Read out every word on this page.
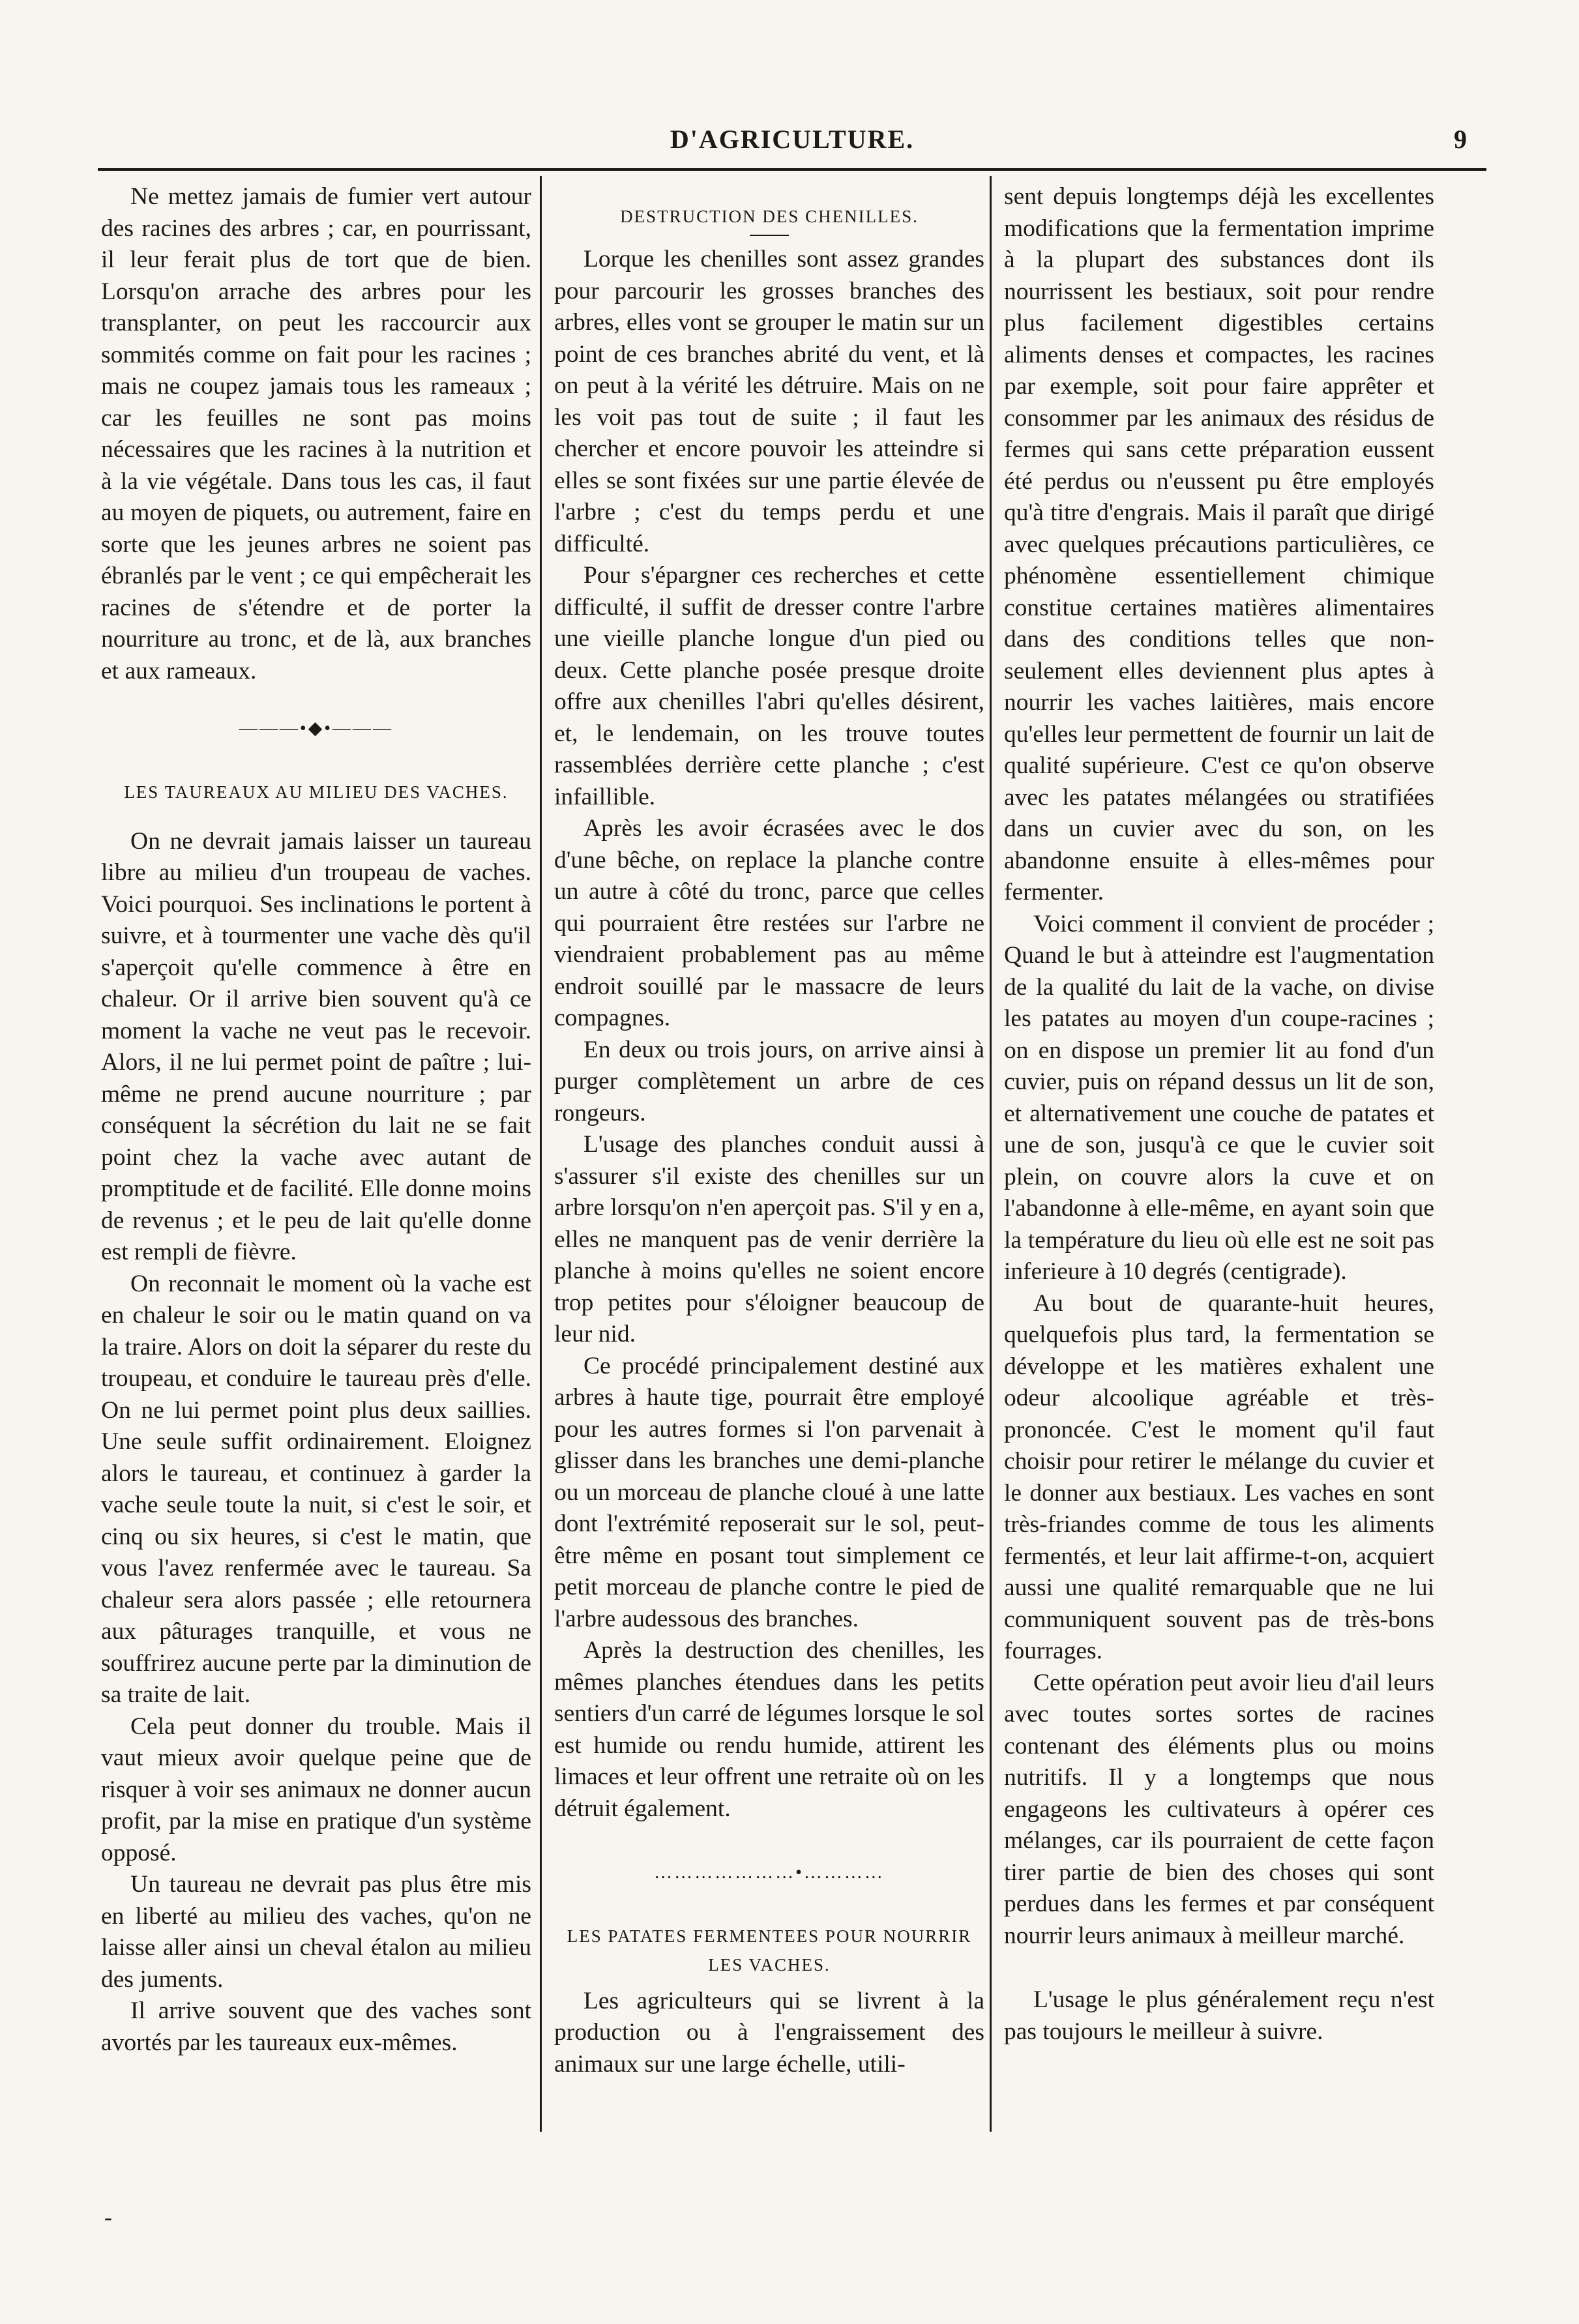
D'AGRICULTURE.	9

Ne mettez jamais de fumier vert autour des racines des arbres ; car, en pourrissant, il leur ferait plus de tort que de bien. Lorsqu'on arrache des arbres pour les transplanter, on peut les raccourcir aux sommités comme on fait pour les racines ; mais ne coupez jamais tous les rameaux ; car les feuilles ne sont pas moins nécessaires que les racines à la nutrition et à la vie végétale. Dans tous les cas, il faut au moyen de piquets, ou autrement, faire en sorte que les jeunes arbres ne soient pas ébranlés par le vent ; ce qui empêcherait les racines de s'étendre et de porter la nourriture au tronc, et de là, aux branches et aux rameaux.

———•◆•———
LES TAUREAUX AU MILIEU DES VACHES.

On ne devrait jamais laisser un taureau libre au milieu d'un troupeau de vaches. Voici pourquoi. Ses inclinations le portent à suivre, et à tourmenter une vache dès qu'il s'aperçoit qu'elle commence à être en chaleur. Or il arrive bien souvent qu'à ce moment la vache ne veut pas le recevoir. Alors, il ne lui permet point de paître ; lui-même ne prend aucune nourriture ; par conséquent la sécrétion du lait ne se fait point chez la vache avec autant de promptitude et de facilité. Elle donne moins de revenus ; et le peu de lait qu'elle donne est rempli de fièvre.

On reconnait le moment où la vache est en chaleur le soir ou le matin quand on va la traire. Alors on doit la séparer du reste du troupeau, et conduire le taureau près d'elle. On ne lui permet point plus deux saillies. Une seule suffit ordinairement. Eloignez alors le taureau, et continuez à garder la vache seule toute la nuit, si c'est le soir, et cinq ou six heures, si c'est le matin, que vous l'avez renfermée avec le taureau. Sa chaleur sera alors passée ; elle retournera aux pâturages tranquille, et vous ne souffrirez aucune perte par la diminution de sa traite de lait.

Cela peut donner du trouble. Mais il vaut mieux avoir quelque peine que de risquer à voir ses animaux ne donner aucun profit, par la mise en pratique d'un système opposé.

Un taureau ne devrait pas plus être mis en liberté au milieu des vaches, qu'on ne laisse aller ainsi un cheval étalon au milieu des juments.

Il arrive souvent que des vaches sont avortés par les taureaux eux-mêmes.

DESTRUCTION DES CHENILLES.

Lorque les chenilles sont assez grandes pour parcourir les grosses branches des arbres, elles vont se grouper le matin sur un point de ces branches abrité du vent, et là on peut à la vérité les détruire. Mais on ne les voit pas tout de suite ; il faut les chercher et encore pouvoir les atteindre si elles se sont fixées sur une partie élevée de l'arbre ; c'est du temps perdu et une difficulté.

Pour s'épargner ces recherches et cette difficulté, il suffit de dresser contre l'arbre une vieille planche longue d'un pied ou deux. Cette planche posée presque droite offre aux chenilles l'abri qu'elles désirent, et, le lendemain, on les trouve toutes rassemblées derrière cette planche ; c'est infaillible.

Après les avoir écrasées avec le dos d'une bêche, on replace la planche contre un autre à côté du tronc, parce que celles qui pourraient être restées sur l'arbre ne viendraient probablement pas au même endroit souillé par le massacre de leurs compagnes.

En deux ou trois jours, on arrive ainsi à purger complètement un arbre de ces rongeurs.

L'usage des planches conduit aussi à s'assurer s'il existe des chenilles sur un arbre lorsqu'on n'en aperçoit pas. S'il y en a, elles ne manquent pas de venir derrière la planche à moins qu'elles ne soient encore trop petites pour s'éloigner beaucoup de leur nid.

Ce procédé principalement destiné aux arbres à haute tige, pourrait être employé pour les autres formes si l'on parvenait à glisser dans les branches une demi-planche ou un morceau de planche cloué à une latte dont l'extrémité reposerait sur le sol, peut-être même en posant tout simplement ce petit morceau de planche contre le pied de l'arbre audessous des branches.

Après la destruction des chenilles, les mêmes planches étendues dans les petits sentiers d'un carré de légumes lorsque le sol est humide ou rendu humide, attirent les limaces et leur offrent une retraite où on les détruit également.

…………………•…………
LES PATATES FERMENTEES POUR NOURRIR LES VACHES.

Les agriculteurs qui se livrent à la production ou à l'engraissement des animaux sur une large échelle, utili-

sent depuis longtemps déjà les excellentes modifications que la fermentation imprime à la plupart des substances dont ils nourrissent les bestiaux, soit pour rendre plus facilement digestibles certains aliments denses et compactes, les racines par exemple, soit pour faire apprêter et consommer par les animaux des résidus de fermes qui sans cette préparation eussent été perdus ou n'eussent pu être employés qu'à titre d'engrais. Mais il paraît que dirigé avec quelques précautions particulières, ce phénomène essentiellement chimique constitue certaines matières alimentaires dans des conditions telles que non-seulement elles deviennent plus aptes à nourrir les vaches laitières, mais encore qu'elles leur permettent de fournir un lait de qualité supérieure. C'est ce qu'on observe avec les patates mélangées ou stratifiées dans un cuvier avec du son, on les abandonne ensuite à elles-mêmes pour fermenter.

Voici comment il convient de procéder ; Quand le but à atteindre est l'augmentation de la qualité du lait de la vache, on divise les patates au moyen d'un coupe-racines ; on en dispose un premier lit au fond d'un cuvier, puis on répand dessus un lit de son, et alternativement une couche de patates et une de son, jusqu'à ce que le cuvier soit plein, on couvre alors la cuve et on l'abandonne à elle-même, en ayant soin que la température du lieu où elle est ne soit pas inferieure à 10 degrés (centigrade).

Au bout de quarante-huit heures, quelquefois plus tard, la fermentation se développe et les matières exhalent une odeur alcoolique agréable et très-prononcée. C'est le moment qu'il faut choisir pour retirer le mélange du cuvier et le donner aux bestiaux. Les vaches en sont très-friandes comme de tous les aliments fermentés, et leur lait affirme-t-on, acquiert aussi une qualité remarquable que ne lui communiquent souvent pas de très-bons fourrages.

Cette opération peut avoir lieu d'ail leurs avec toutes sortes sortes de racines contenant des éléments plus ou moins nutritifs. Il y a longtemps que nous engageons les cultivateurs à opérer ces mélanges, car ils pourraient de cette façon tirer partie de bien des choses qui sont perdues dans les fermes et par conséquent nourrir leurs animaux à meilleur marché.

L'usage le plus généralement reçu n'est pas toujours le meilleur à suivre.

-
